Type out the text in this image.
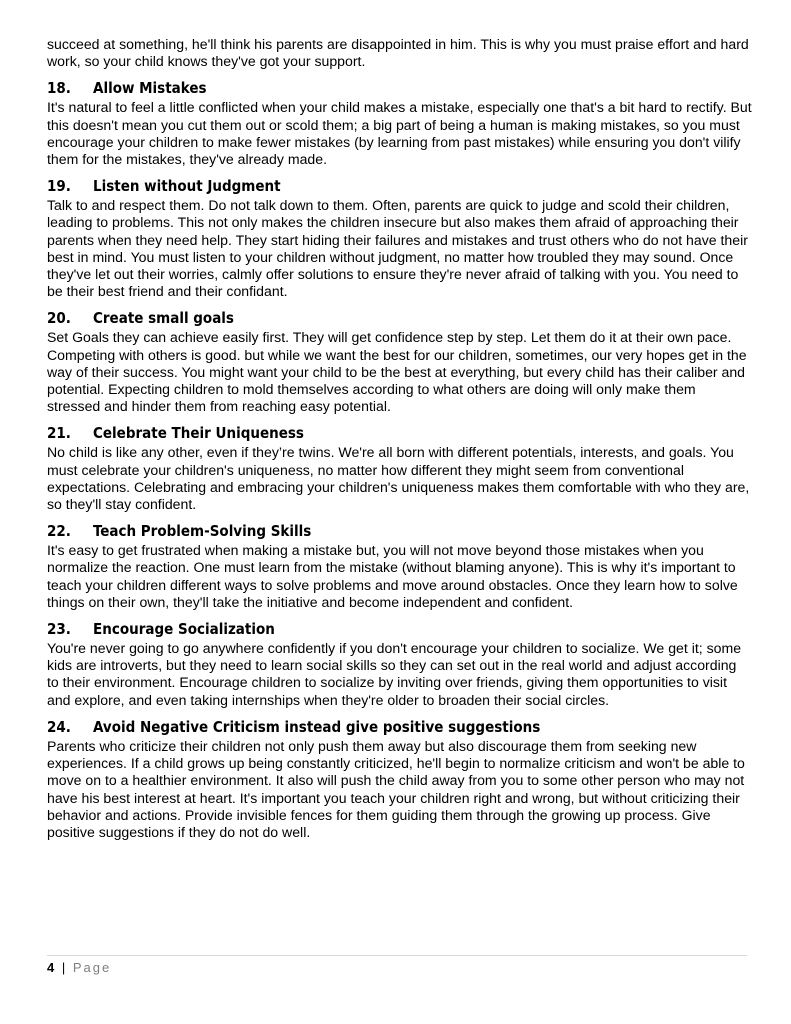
succeed at something, he'll think his parents are disappointed in him. This is why you must praise effort and hard work, so your child knows they've got your support.

18.	Allow Mistakes

It's natural to feel a little conflicted when your child makes a mistake, especially one that's a bit hard to rectify. But this doesn't mean you cut them out or scold them; a big part of being a human is making mistakes, so you must encourage your children to make fewer mistakes (by learning from past mistakes) while ensuring you don't vilify them for the mistakes, they've already made.

19.	Listen without Judgment

Talk to and respect them. Do not talk down to them. Often, parents are quick to judge and scold their children, leading to problems. This not only makes the children insecure but also makes them afraid of approaching their parents when they need help. They start hiding their failures and mistakes and trust others who do not have their best in mind. You must listen to your children without judgment, no matter how troubled they may sound. Once they've let out their worries, calmly offer solutions to ensure they're never afraid of talking with you. You need to be their best friend and their confidant.

20.	Create small goals

Set Goals they can achieve easily first. They will get confidence step by step. Let them do it at their own pace. Competing with others is good. but while we want the best for our children, sometimes, our very hopes get in the way of their success. You might want your child to be the best at everything, but every child has their caliber and potential. Expecting children to mold themselves according to what others are doing will only make them stressed and hinder them from reaching easy potential.

21.	Celebrate Their Uniqueness

No child is like any other, even if they’re twins. We're all born with different potentials, interests, and goals. You must celebrate your children's uniqueness, no matter how different they might seem from conventional expectations. Celebrating and embracing your children's uniqueness makes them comfortable with who they are, so they'll stay confident.

22.	Teach Problem-Solving Skills

It's easy to get frustrated when making a mistake but, you will not move beyond those mistakes when you normalize the reaction. One must learn from the mistake (without blaming anyone). This is why it's important to teach your children different ways to solve problems and move around obstacles. Once they learn how to solve things on their own, they'll take the initiative and become independent and confident.

23.	Encourage Socialization

You're never going to go anywhere confidently if you don't encourage your children to socialize. We get it; some kids are introverts, but they need to learn social skills so they can set out in the real world and adjust according to their environment. Encourage children to socialize by inviting over friends, giving them opportunities to visit and explore, and even taking internships when they're older to broaden their social circles.

24.	Avoid Negative Criticism instead give positive suggestions

Parents who criticize their children not only push them away but also discourage them from seeking new experiences. If a child grows up being constantly criticized, he'll begin to normalize criticism and won't be able to move on to a healthier environment. It also will push the child away from you to some other person who may not have his best interest at heart. It's important you teach your children right and wrong, but without criticizing their behavior and actions. Provide invisible fences for them guiding them through the growing up process. Give positive suggestions if they do not do well.

4 | Page
